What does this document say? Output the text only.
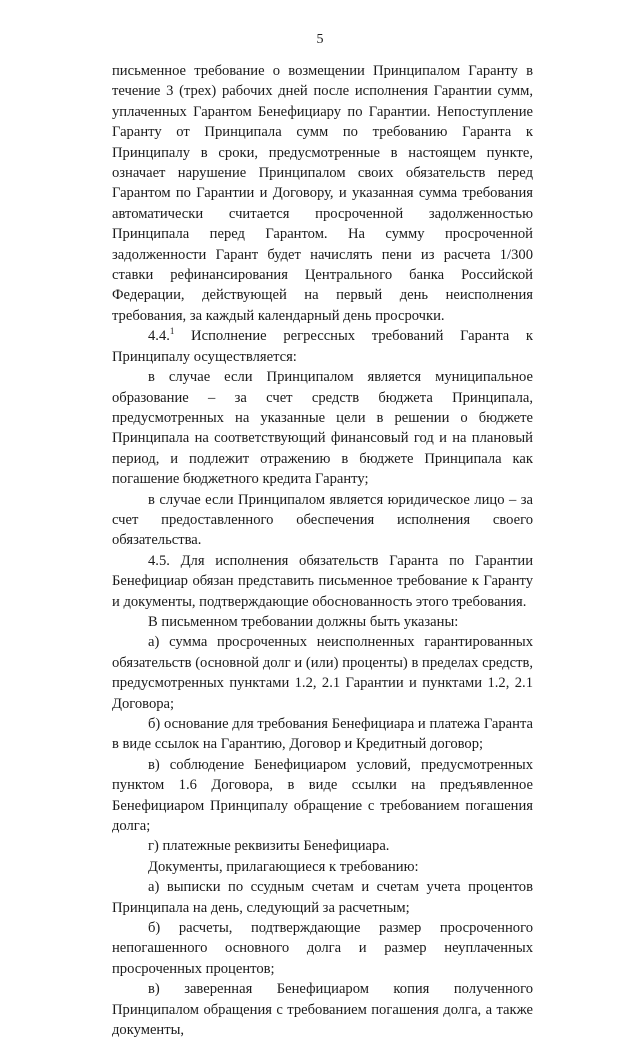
5

письменное требование о возмещении Принципалом Гаранту в течение 3 (трех) рабочих дней после исполнения Гарантии сумм, уплаченных Гарантом Бенефициару по Гарантии. Непоступление Гаранту от Принципала сумм по требованию Гаранта к Принципалу в сроки, предусмотренные в настоящем пункте, означает нарушение Принципалом своих обязательств перед Гарантом по Гарантии и Договору, и указанная сумма требования автоматически считается просроченной задолженностью Принципала перед Гарантом. На сумму просроченной задолженности Гарант будет начислять пени из расчета 1/300 ставки рефинансирования Центрального банка Российской Федерации, действующей на первый день неисполнения требования, за каждый календарный день просрочки.

4.4.$^1$ Исполнение регрессных требований Гаранта к Принципалу осуществляется:

в случае если Принципалом является муниципальное образование – за счет средств бюджета Принципала, предусмотренных на указанные цели в решении о бюджете Принципала на соответствующий финансовый год и на плановый период, и подлежит отражению в бюджете Принципала как погашение бюджетного кредита Гаранту;

в случае если Принципалом является юридическое лицо – за счет предоставленного обеспечения исполнения своего обязательства.

4.5. Для исполнения обязательств Гаранта по Гарантии Бенефициар обязан представить письменное требование к Гаранту и документы, подтверждающие обоснованность этого требования.

В письменном требовании должны быть указаны:

а) сумма просроченных неисполненных гарантированных обязательств (основной долг и (или) проценты) в пределах средств, предусмотренных пунктами 1.2, 2.1 Гарантии и пунктами 1.2, 2.1 Договора;

б) основание для требования Бенефициара и платежа Гаранта в виде ссылок на Гарантию, Договор и Кредитный договор;

в) соблюдение Бенефициаром условий, предусмотренных пунктом 1.6 Договора, в виде ссылки на предъявленное Бенефициаром Принципалу обращение с требованием погашения долга;

г) платежные реквизиты Бенефициара.

Документы, прилагающиеся к требованию:

а) выписки по ссудным счетам и счетам учета процентов Принципала на день, следующий за расчетным;

б) расчеты, подтверждающие размер просроченного непогашенного основного долга и размер неуплаченных просроченных процентов;

в) заверенная Бенефициаром копия полученного Принципалом обращения с требованием погашения долга, а также документы,
